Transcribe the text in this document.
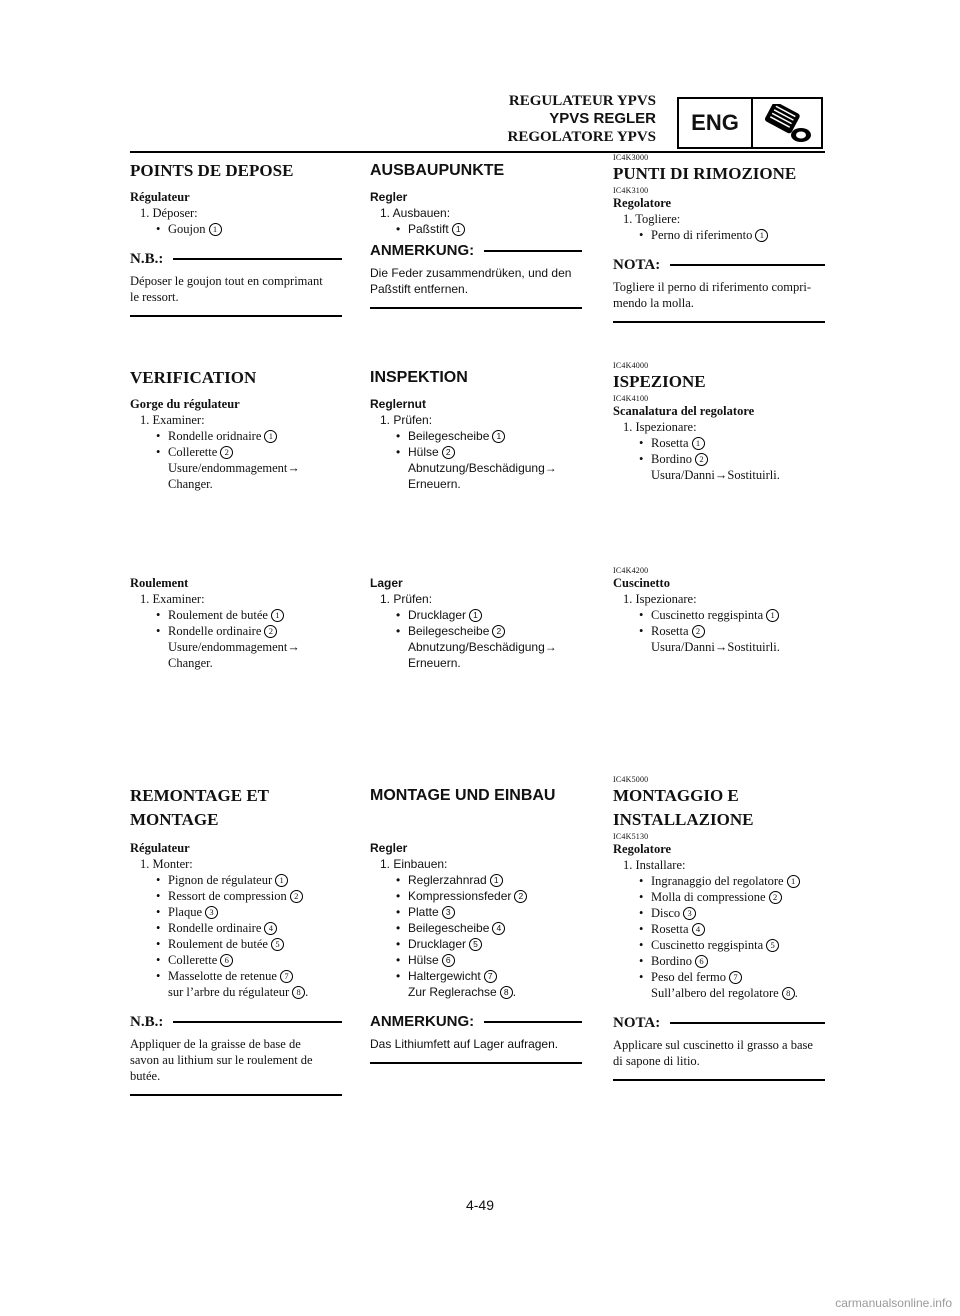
REGULATEUR YPVS
YPVS REGLER
REGOLATORE YPVS
ENG
POINTS DE DEPOSE
Régulateur
1. Déposer:
• Goujon 1
N.B.:
Déposer le goujon tout en comprimant
le ressort.
VERIFICATION
Gorge du régulateur
1. Examiner:
• Rondelle oridnaire 1
• Collerette 2
Usure/endommagement→
Changer.
Roulement
1. Examiner:
• Roulement de butée 1
• Rondelle ordinaire 2
Usure/endommagement→
Changer.
REMONTAGE ET
MONTAGE
Régulateur
1. Monter:
• Pignon de régulateur 1
• Ressort de compression 2
• Plaque 3
• Rondelle ordinaire 4
• Roulement de butée 5
• Collerette 6
• Masselotte de retenue 7
sur l’arbre du régulateur 8 .
N.B.:
Appliquer de la graisse de base de
savon au lithium sur le roulement de
butée.
AUSBAUPUNKTE
Regler
1. Ausbauen:
• Paßstift 1
ANMERKUNG:
Die Feder zusammendrüken, und den
Paßstift entfernen.
INSPEKTION
Reglernut
1. Prüfen:
• Beilegescheibe 1
• Hülse 2
Abnutzung/Beschädigung→
Erneuern.
Lager
1. Prüfen:
• Drucklager 1
• Beilegescheibe 2
Abnutzung/Beschädigung→
Erneuern.
MONTAGE UND EINBAU
Regler
1. Einbauen:
• Reglerzahnrad 1
• Kompressionsfeder 2
• Platte 3
• Beilegescheibe 4
• Drucklager 5
• Hülse 6
• Haltergewicht 7
Zur Reglerachse 8 .
ANMERKUNG:
Das Lithiumfett auf Lager aufragen.
IC4K3000
PUNTI DI RIMOZIONE
IC4K3100
Regolatore
1. Togliere:
• Perno di riferimento 1
NOTA:
Togliere il perno di riferimento compri-
mendo la molla.
IC4K4000
ISPEZIONE
IC4K4100
Scanalatura del regolatore
1. Ispezionare:
• Rosetta 1
• Bordino 2
Usura/Danni→Sostituirli.
IC4K4200
Cuscinetto
1. Ispezionare:
• Cuscinetto reggispinta 1
• Rosetta 2
Usura/Danni→Sostituirli.
IC4K5000
MONTAGGIO E
INSTALLAZIONE
IC4K5130
Regolatore
1. Installare:
• Ingranaggio del regolatore 1
• Molla di compressione 2
• Disco 3
• Rosetta 4
• Cuscinetto reggispinta 5
• Bordino 6
• Peso del fermo 7
Sull’albero del regolatore 8 .
NOTA:
Applicare sul cuscinetto il grasso a base
di sapone di litio.
4-49
carmanualsonline.info
